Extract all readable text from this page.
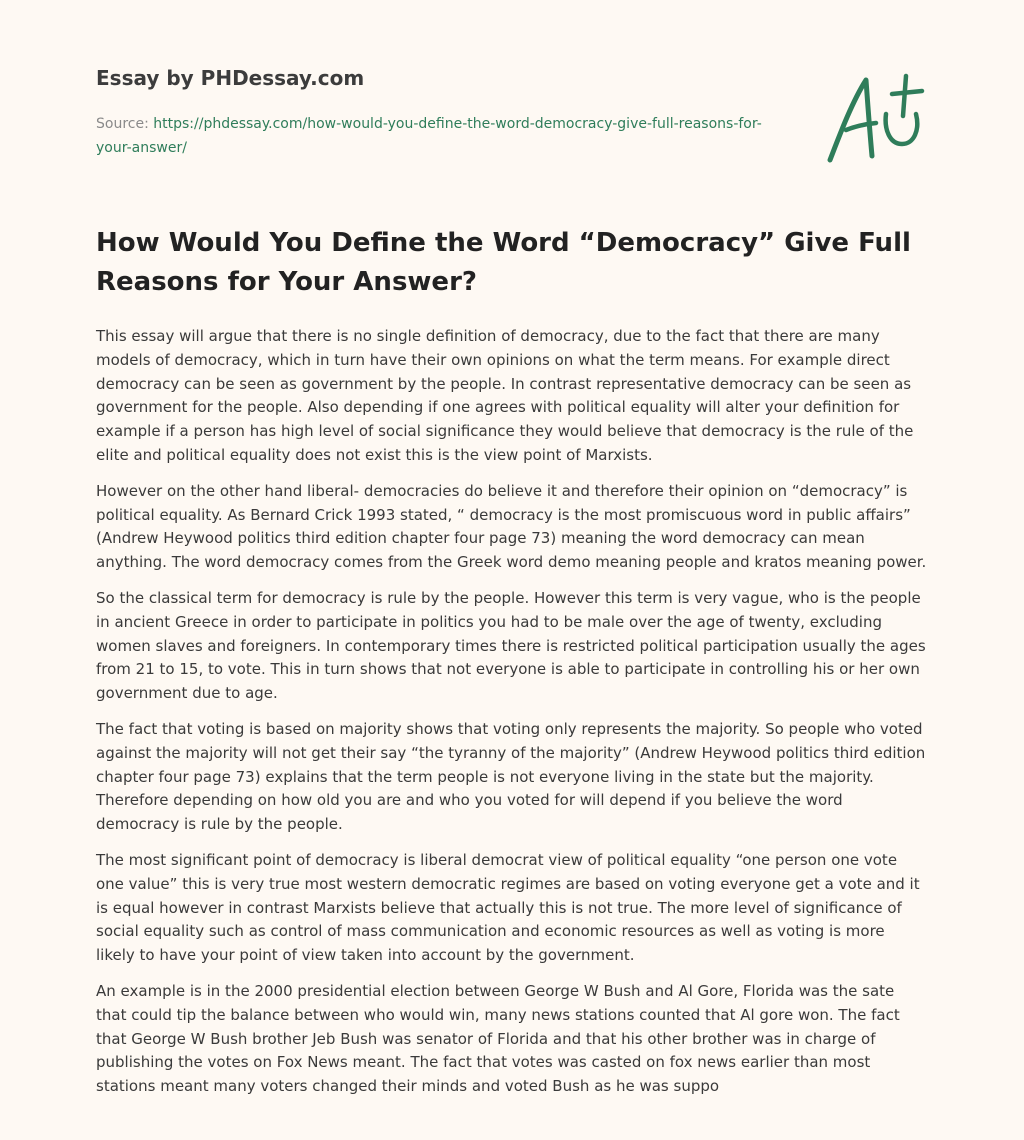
Essay by PHDessay.com
Source: https://phdessay.com/how-would-you-define-the-word-democracy-give-full-reasons-for-your-answer/
How Would You Define the Word “Democracy” Give Full Reasons for Your Answer?

This essay will argue that there is no single definition of democracy, due to the fact that there are many models of democracy, which in turn have their own opinions on what the term means. For example direct democracy can be seen as government by the people. In contrast representative democracy can be seen as government for the people. Also depending if one agrees with political equality will alter your definition for example if a person has high level of social significance they would believe that democracy is the rule of the elite and political equality does not exist this is the view point of Marxists.

However on the other hand liberal- democracies do believe it and therefore their opinion on “democracy” is political equality. As Bernard Crick 1993 stated, “ democracy is the most promiscuous word in public affairs” (Andrew Heywood politics third edition chapter four page 73) meaning the word democracy can mean anything. The word democracy comes from the Greek word demo meaning people and kratos meaning power.

So the classical term for democracy is rule by the people. However this term is very vague, who is the people in ancient Greece in order to participate in politics you had to be male over the age of twenty, excluding women slaves and foreigners. In contemporary times there is restricted political participation usually the ages from 21 to 15, to vote. This in turn shows that not everyone is able to participate in controlling his or her own government due to age.

The fact that voting is based on majority shows that voting only represents the majority. So people who voted against the majority will not get their say “the tyranny of the majority” (Andrew Heywood politics third edition chapter four page 73) explains that the term people is not everyone living in the state but the majority. Therefore depending on how old you are and who you voted for will depend if you believe the word democracy is rule by the people.

The most significant point of democracy is liberal democrat view of political equality “one person one vote one value” this is very true most western democratic regimes are based on voting everyone get a vote and it is equal however in contrast Marxists believe that actually this is not true. The more level of significance of social equality such as control of mass communication and economic resources as well as voting is more likely to have your point of view taken into account by the government.

An example is in the 2000 presidential election between George W Bush and Al Gore, Florida was the sate that could tip the balance between who would win, many news stations counted that Al gore won. The fact that George W Bush brother Jeb Bush was senator of Florida and that his other brother was in charge of publishing the votes on Fox News meant. The fact that votes was casted on fox news earlier than most stations meant many voters changed their minds and voted Bush as he was suppo
